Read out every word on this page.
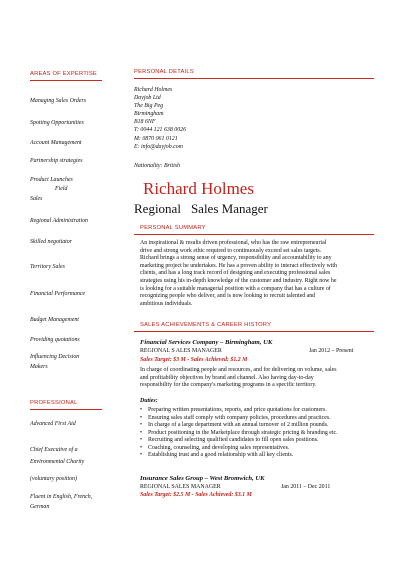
AREAS OF EXPERTISE
Managing Sales Orders
Spotting Opportunities
Account Management
Partnership strategies
Product Launches
Field
Sales
Regional Administration
Skilled negotiator
Territory Sales
Financial Performance
Budget Management
Providing quotations
Influencing Decision
Makers
PROFESSIONAL
Advanced First Aid
Chief Executive of a
Environmental Charity
(voluntary position)
Fluent in English, French,
German
PERSONAL DETAILS
Richard Holmes
Dayjob Ltd
The Big Peg
Birmingham
B18 6NF
T: 0044 121 638 0026
M: 0870 061 0121
E: info@dayjob.com
Nationality: British
Richard Holmes
Regional Sales Manager
PERSONAL SUMMARY
An inspirational & results driven professional, who has the raw entrepreneurial
drive and strong work ethic required to continuously exceed set sales targets.
Richard brings a strong sense of urgency, responsibility and accountability to any
marketing project he undertakes. He has a proven ability to interact effectively with
clients, and has a long track record of designing and executing professional sales
strategies using his in-depth knowledge of the customer and industry. Right now he
is looking for a suitable managerial position with a company that has a culture of
recognizing people who deliver, and is now looking to recruit talented and
ambitious individuals.
SALES ACHIEVEMENTS & CAREER HISTORY
Financial Services Company – Birmingham, UK
REGIONAL S ALES MANAGER	Jan 2012 – Present
Sales Target: $3 M - Sales Achieved: $1.2 M
In charge of coordinating people and resources, and for delivering on volume, sales
and profitability objectives by brand and channel. Also having day-to-day
responsibility for the company's marketing programs in a specific territory.
Duties:
• Preparing written presentations, reports, and price quotations for customers.
• Ensuring sales staff comply with company policies, procedures and practices.
• In charge of a large department with an annual turnover of 2 million pounds.
• Product positioning in the Marketplace through strategic pricing & branding etc.
• Recruiting and selecting qualified candidates to fill open sales positions.
• Coaching, counseling, and developing sales representatives.
• Establishing trust and a good relationship with all key clients.
Insurance Sales Group – West Bromwich, UK
REGIONAL SALES MANAGER	Jan 2011 – Dec 2011
Sales Target: $2.5 M - Sales Achieved: $3.1 M
